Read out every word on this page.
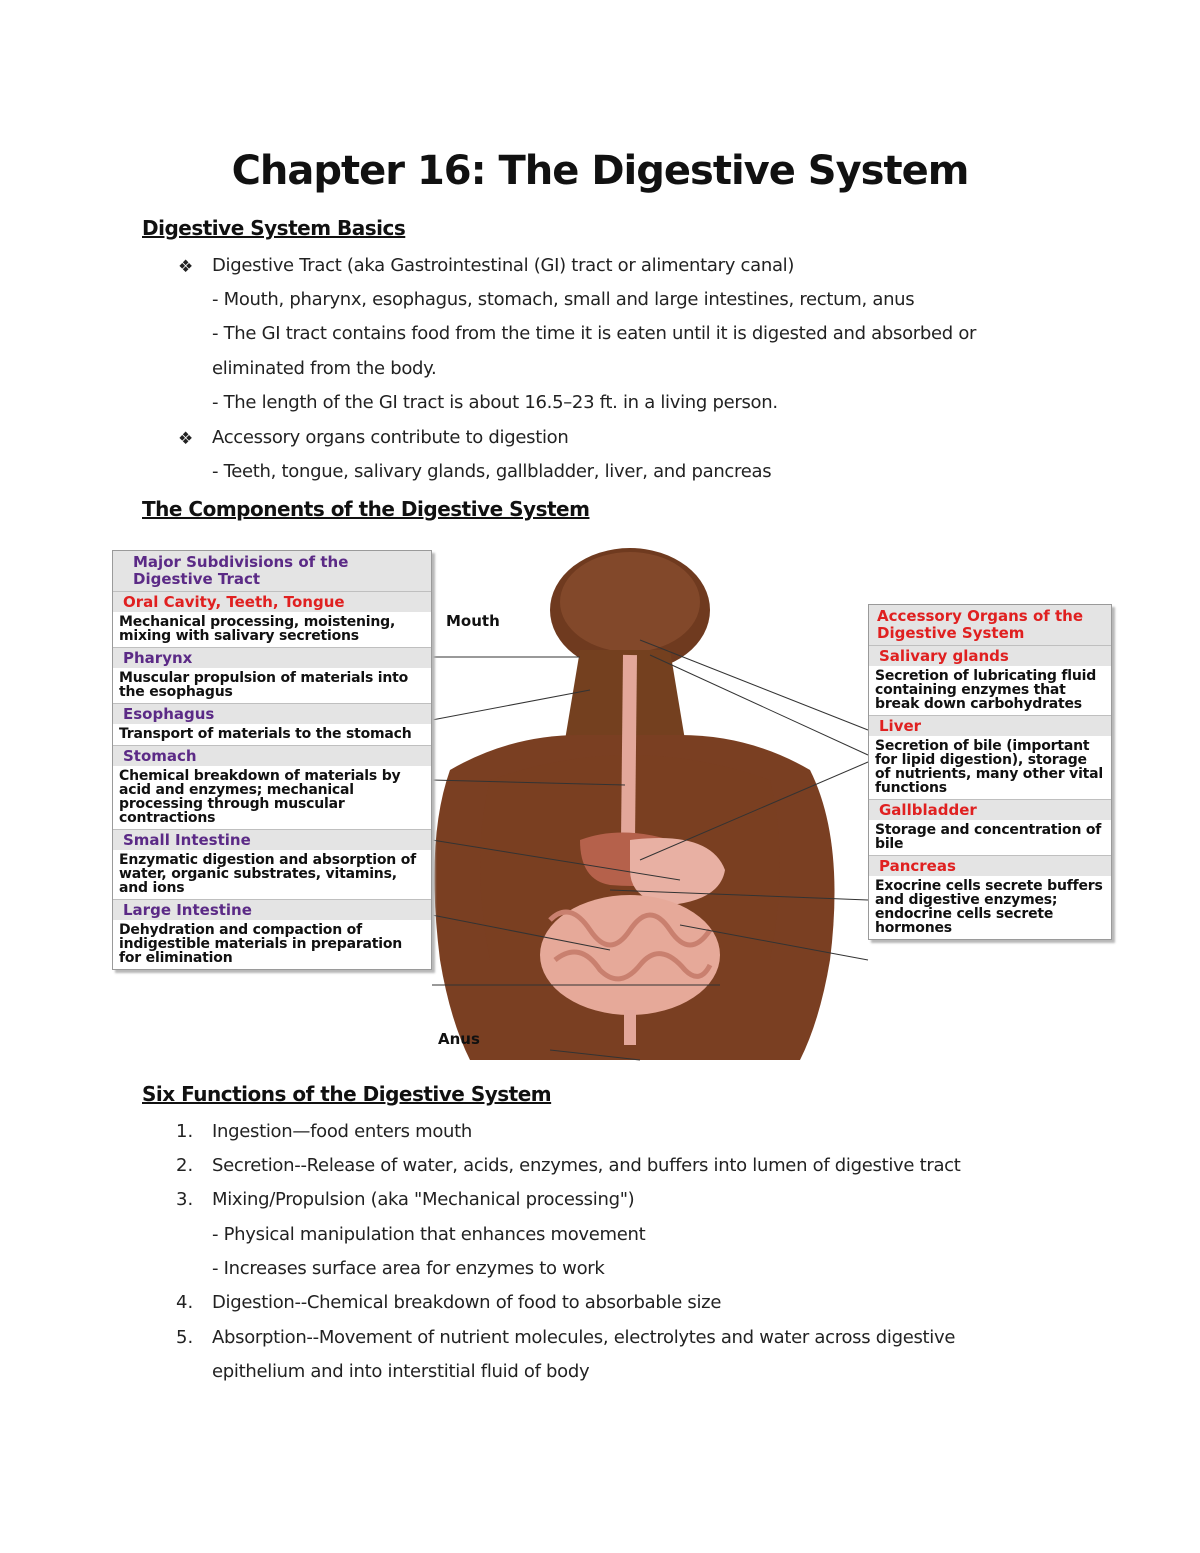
Chapter 16: The Digestive System
Digestive System Basics
❖ Digestive Tract (aka Gastrointestinal (GI) tract or alimentary canal)
- Mouth, pharynx, esophagus, stomach, small and large intestines, rectum, anus
- The GI tract contains food from the time it is eaten until it is digested and absorbed or
eliminated from the body.
- The length of the GI tract is about 16.5–23 ft. in a living person.
❖ Accessory organs contribute to digestion
- Teeth, tongue, salivary glands, gallbladder, liver, and pancreas
The Components of the Digestive System
Mouth
Anus
Major Subdivisions of the Digestive Tract
Oral Cavity, Teeth, Tongue
Mechanical processing, moistening, mixing with salivary secretions
Pharynx
Muscular propulsion of materials into the esophagus
Esophagus
Transport of materials to the stomach
Stomach
Chemical breakdown of materials by acid and enzymes; mechanical processing through muscular contractions
Small Intestine
Enzymatic digestion and absorption of water, organic substrates, vitamins, and ions
Large Intestine
Dehydration and compaction of indigestible materials in preparation for elimination
Accessory Organs of the Digestive System
Salivary glands
Secretion of lubricating fluid containing enzymes that break down carbohydrates
Liver
Secretion of bile (important for lipid digestion), storage of nutrients, many other vital functions
Gallbladder
Storage and concentration of bile
Pancreas
Exocrine cells secrete buffers and digestive enzymes; endocrine cells secrete hormones
Six Functions of the Digestive System
1. Ingestion—food enters mouth
2. Secretion--Release of water, acids, enzymes, and buffers into lumen of digestive tract
3. Mixing/Propulsion (aka "Mechanical processing")
- Physical manipulation that enhances movement
- Increases surface area for enzymes to work
4. Digestion--Chemical breakdown of food to absorbable size
5. Absorption--Movement of nutrient molecules, electrolytes and water across digestive
epithelium and into interstitial fluid of body
